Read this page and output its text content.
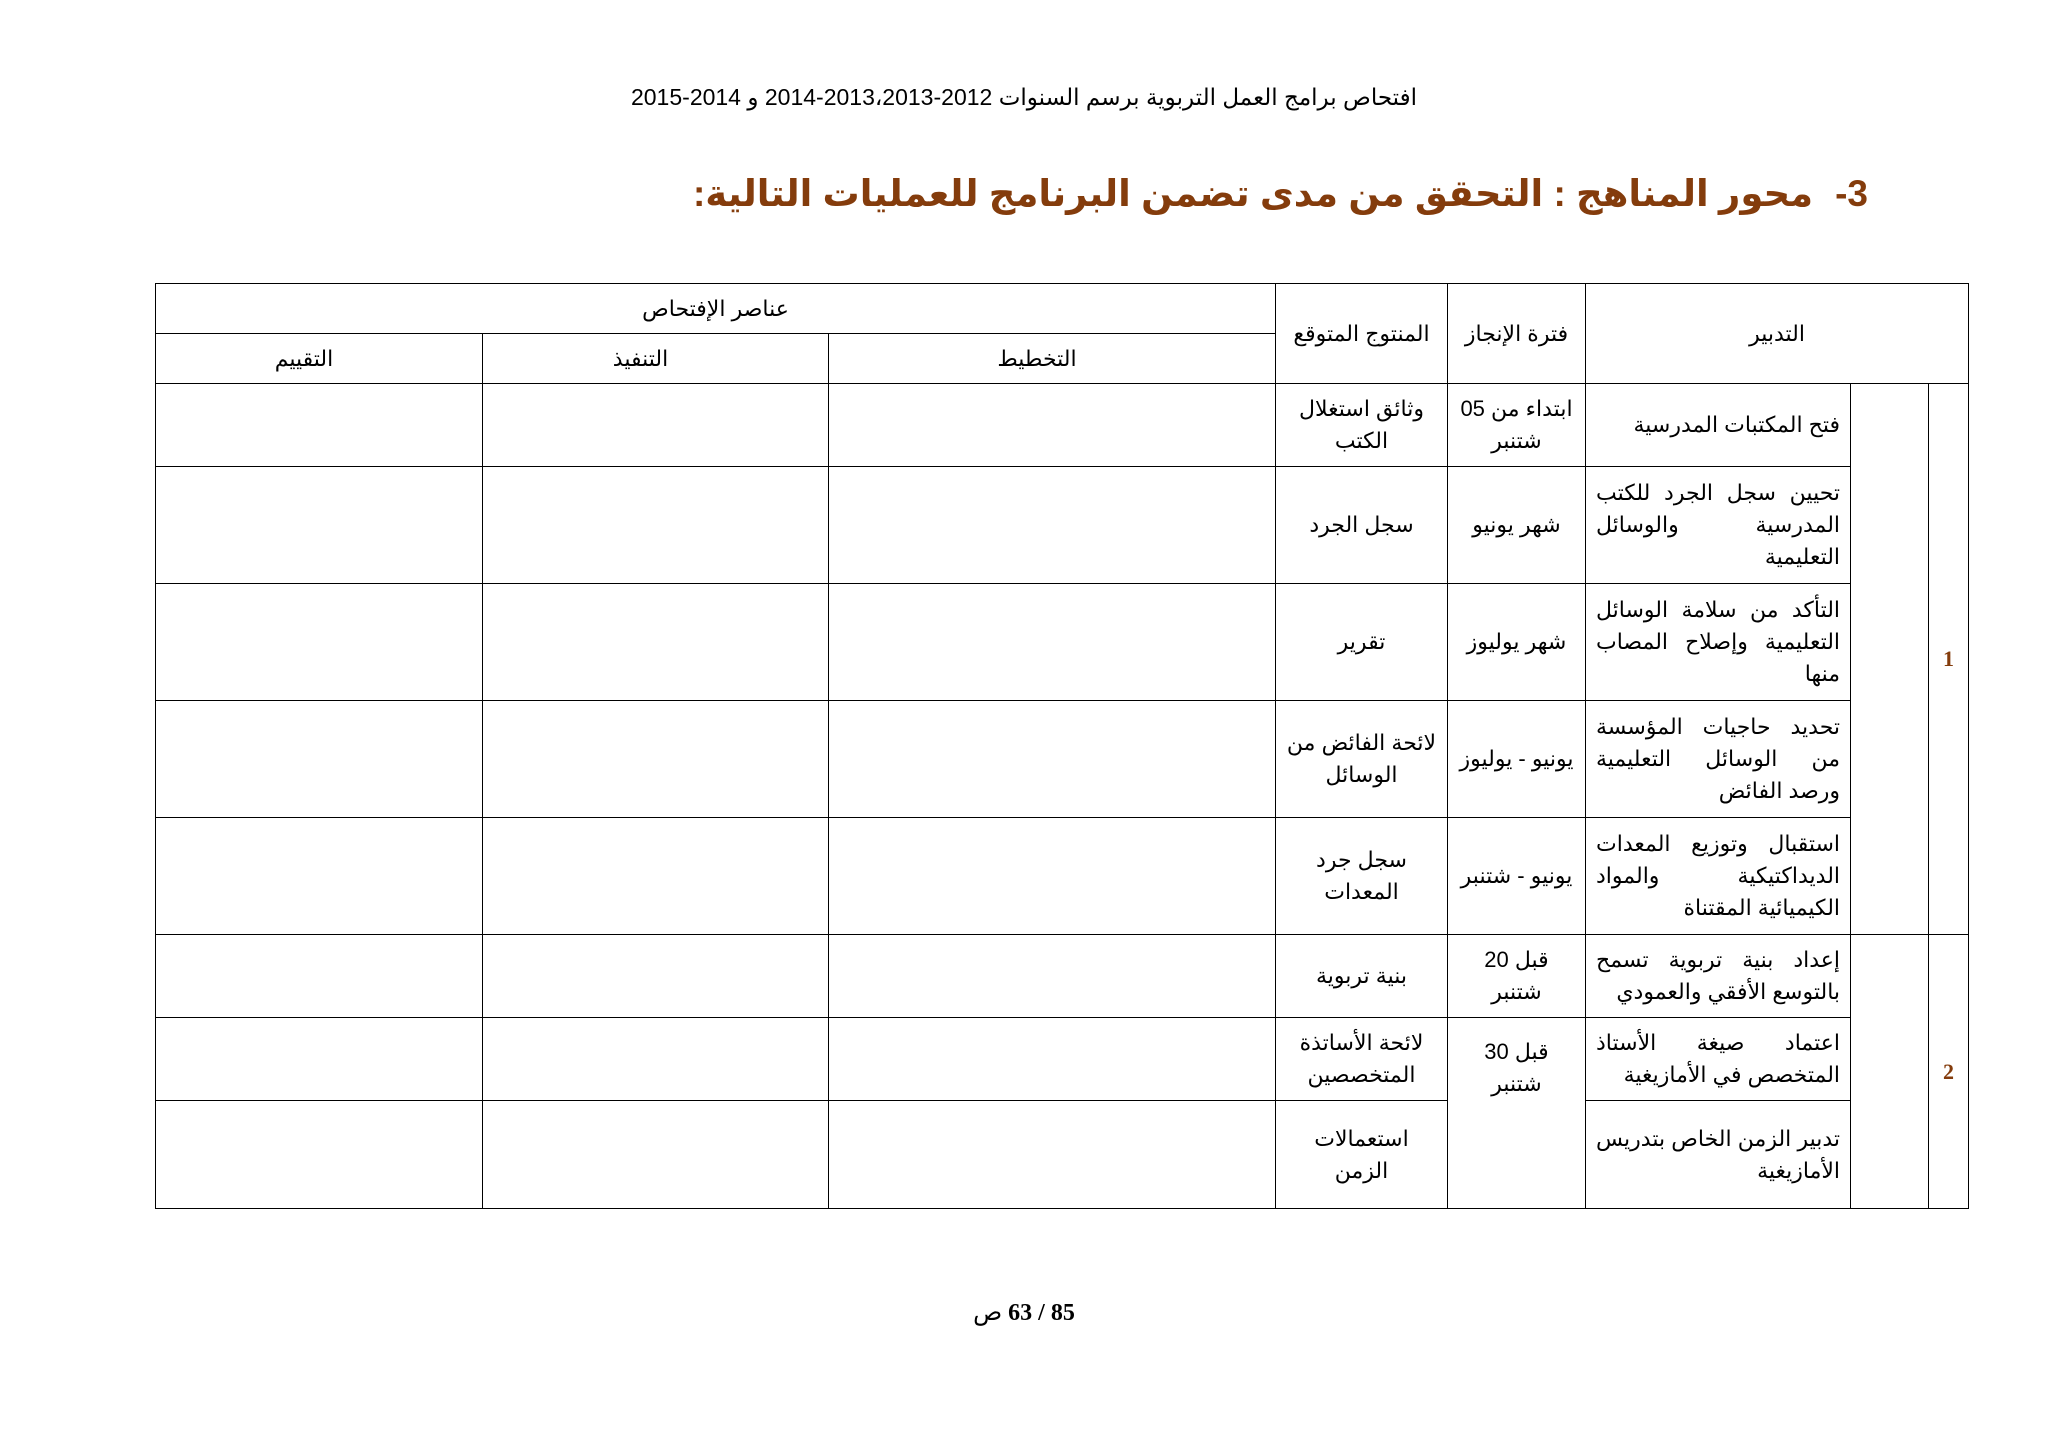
افتحاص برامج العمل التربوية برسم السنوات 2012-2013،2013-2014 و 2014-2015
3-محور المناهج : التحقق من مدى تضمن البرنامج للعمليات التالية:
التدبير			فترة الإنجاز	المنتوج المتوقع	عناصر الإفتحاص		
					التخطيط	التنفيذ	التقييم
1		فتح المكتبات المدرسية	ابتداء من 05 شتنبر	وثائق استغلال الكتب			
		تحيين سجل الجرد للكتب المدرسية والوسائل التعليمية	شهر يونيو	سجل الجرد			
		التأكد من سلامة الوسائل التعليمية وإصلاح المصاب منها	شهر يوليوز	تقرير			
		تحديد حاجيات المؤسسة من الوسائل التعليمية ورصد الفائض	يونيو - يوليوز	لائحة الفائض من الوسائل			
		استقبال وتوزيع المعدات الديداكتيكية والمواد الكيميائية المقتناة	يونيو - شتنبر	سجل جرد المعدات			
2		إعداد بنية تربوية تسمح بالتوسع الأفقي والعمودي	قبل 20 شتنبر	بنية تربوية			
		اعتماد صيغة الأستاذ المتخصص في الأمازيغية	قبل 30 شتنبر	لائحة الأساتذة المتخصصين			
		تدبير الزمن الخاص بتدريس الأمازيغية		استعمالات الزمن			
85 / 63 ص
